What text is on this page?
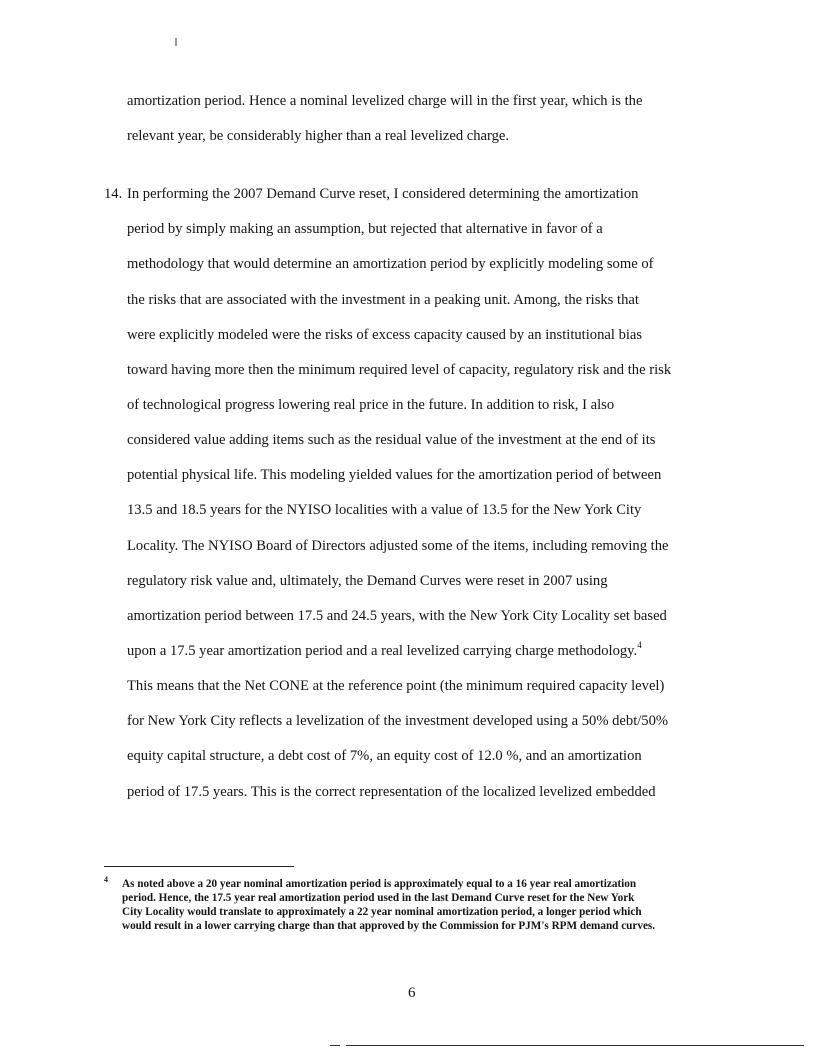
amortization period. Hence a nominal levelized charge will in the first year, which is the
relevant year, be considerably higher than a real levelized charge.
14. In performing the 2007 Demand Curve reset, I considered determining the amortization
period by simply making an assumption, but rejected that alternative in favor of a
methodology that would determine an amortization period by explicitly modeling some of
the risks that are associated with the investment in a peaking unit. Among, the risks that
were explicitly modeled were the risks of excess capacity caused by an institutional bias
toward having more then the minimum required level of capacity, regulatory risk and the risk
of technological progress lowering real price in the future. In addition to risk, I also
considered value adding items such as the residual value of the investment at the end of its
potential physical life. This modeling yielded values for the amortization period of between
13.5 and 18.5 years for the NYISO localities with a value of 13.5 for the New York City
Locality. The NYISO Board of Directors adjusted some of the items, including removing the
regulatory risk value and, ultimately, the Demand Curves were reset in 2007 using
amortization period between 17.5 and 24.5 years, with the New York City Locality set based
upon a 17.5 year amortization period and a real levelized carrying charge methodology.$^4$
This means that the Net CONE at the reference point (the minimum required capacity level)
for New York City reflects a levelization of the investment developed using a 50% debt/50%
equity capital structure, a debt cost of 7%, an equity cost of 12.0 %, and an amortization
period of 17.5 years. This is the correct representation of the localized levelized embedded
4 As noted above a 20 year nominal amortization period is approximately equal to a 16 year real amortization
period. Hence, the 17.5 year real amortization period used in the last Demand Curve reset for the New York
City Locality would translate to approximately a 22 year nominal amortization period, a longer period which
would result in a lower carrying charge than that approved by the Commission for PJM's RPM demand curves.
6
